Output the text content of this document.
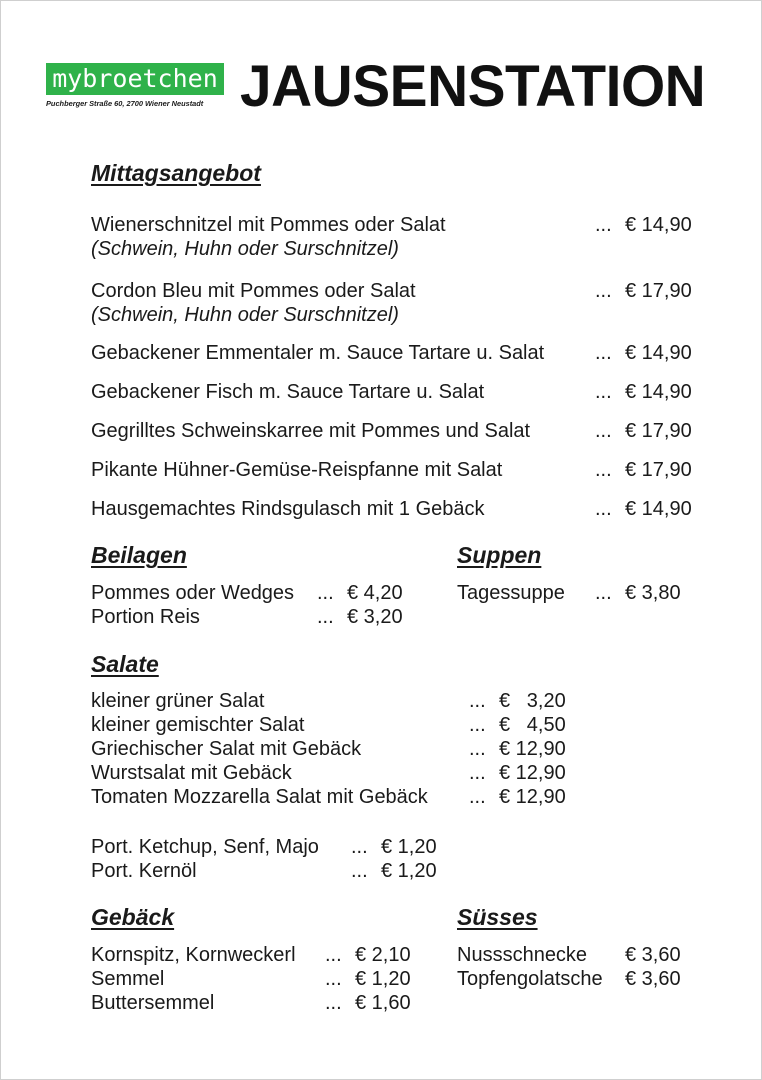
mybroetchen
Puchberger Straße 60, 2700 Wiener Neustadt JAUSENSTATION
Mittagsangebot
Wienerschnitzel mit Pommes oder Salat
(Schwein, Huhn oder Surschnitzel)
... € 14,90
Cordon Bleu mit Pommes oder Salat
(Schwein, Huhn oder Surschnitzel)
... € 17,90
Gebackener Emmentaler m. Sauce Tartare u. Salat	... € 14,90
Gebackener Fisch m. Sauce Tartare u. Salat	... € 14,90
Gegrilltes Schweinskarree mit Pommes und Salat	... € 17,90
Pikante Hühner-Gemüse-Reispfanne mit Salat	... € 17,90
Hausgemachtes Rindsgulasch mit 1 Gebäck	... € 14,90
Beilagen
Pommes oder Wedges ... € 4,20
Portion Reis	... € 3,20
Suppen
Tagessuppe ... € 3,80
Salate
kleiner grüner Salat	... €   3,20
kleiner gemischter Salat	... €   4,50
Griechischer Salat mit Gebäck	... € 12,90
Wurstsalat mit Gebäck	... € 12,90
Tomaten Mozzarella Salat mit Gebäck ... € 12,90
Port. Ketchup, Senf, Majo ... € 1,20
Port. Kernöl	... € 1,20
Gebäck
Kornspitz, Kornweckerl ... € 2,10
Semmel	... € 1,20
Buttersemmel	... € 1,60
Süsses
Nussschnecke € 3,60
Topfengolatsche € 3,60
